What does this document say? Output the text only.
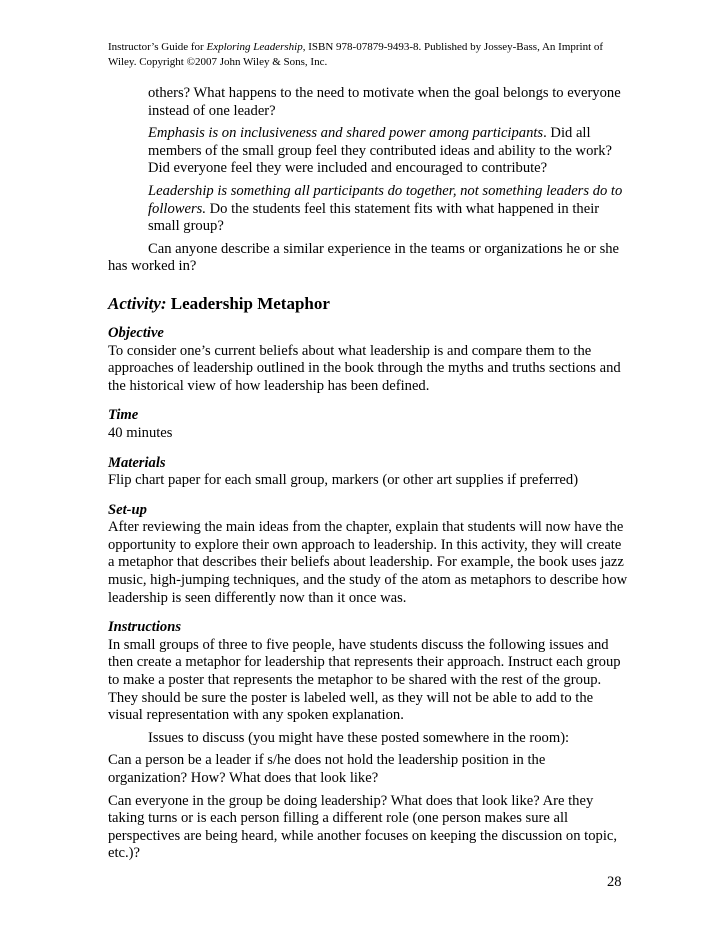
Instructor’s Guide for Exploring Leadership, ISBN 978-07879-9493-8. Published by Jossey-Bass, An Imprint of Wiley. Copyright ©2007 John Wiley & Sons, Inc.

others? What happens to the need to motivate when the goal belongs to everyone instead of one leader?

Emphasis is on inclusiveness and shared power among participants. Did all members of the small group feel they contributed ideas and ability to the work? Did everyone feel they were included and encouraged to contribute?

Leadership is something all participants do together, not something leaders do to followers. Do the students feel this statement fits with what happened in their small group?

Can anyone describe a similar experience in the teams or organizations he or she has worked in?

Activity: Leadership Metaphor

Objective

To consider one’s current beliefs about what leadership is and compare them to the approaches of leadership outlined in the book through the myths and truths sections and the historical view of how leadership has been defined.

Time

40 minutes

Materials

Flip chart paper for each small group, markers (or other art supplies if preferred)

Set-up

After reviewing the main ideas from the chapter, explain that students will now have the opportunity to explore their own approach to leadership. In this activity, they will create a metaphor that describes their beliefs about leadership. For example, the book uses jazz music, high-jumping techniques, and the study of the atom as metaphors to describe how leadership is seen differently now than it once was.

Instructions

In small groups of three to five people, have students discuss the following issues and then create a metaphor for leadership that represents their approach. Instruct each group to make a poster that represents the metaphor to be shared with the rest of the group. They should be sure the poster is labeled well, as they will not be able to add to the visual representation with any spoken explanation.

Issues to discuss (you might have these posted somewhere in the room):

Can a person be a leader if s/he does not hold the leadership position in the organization? How? What does that look like?

Can everyone in the group be doing leadership? What does that look like? Are they taking turns or is each person filling a different role (one person makes sure all perspectives are being heard, while another focuses on keeping the discussion on topic, etc.)?

28
